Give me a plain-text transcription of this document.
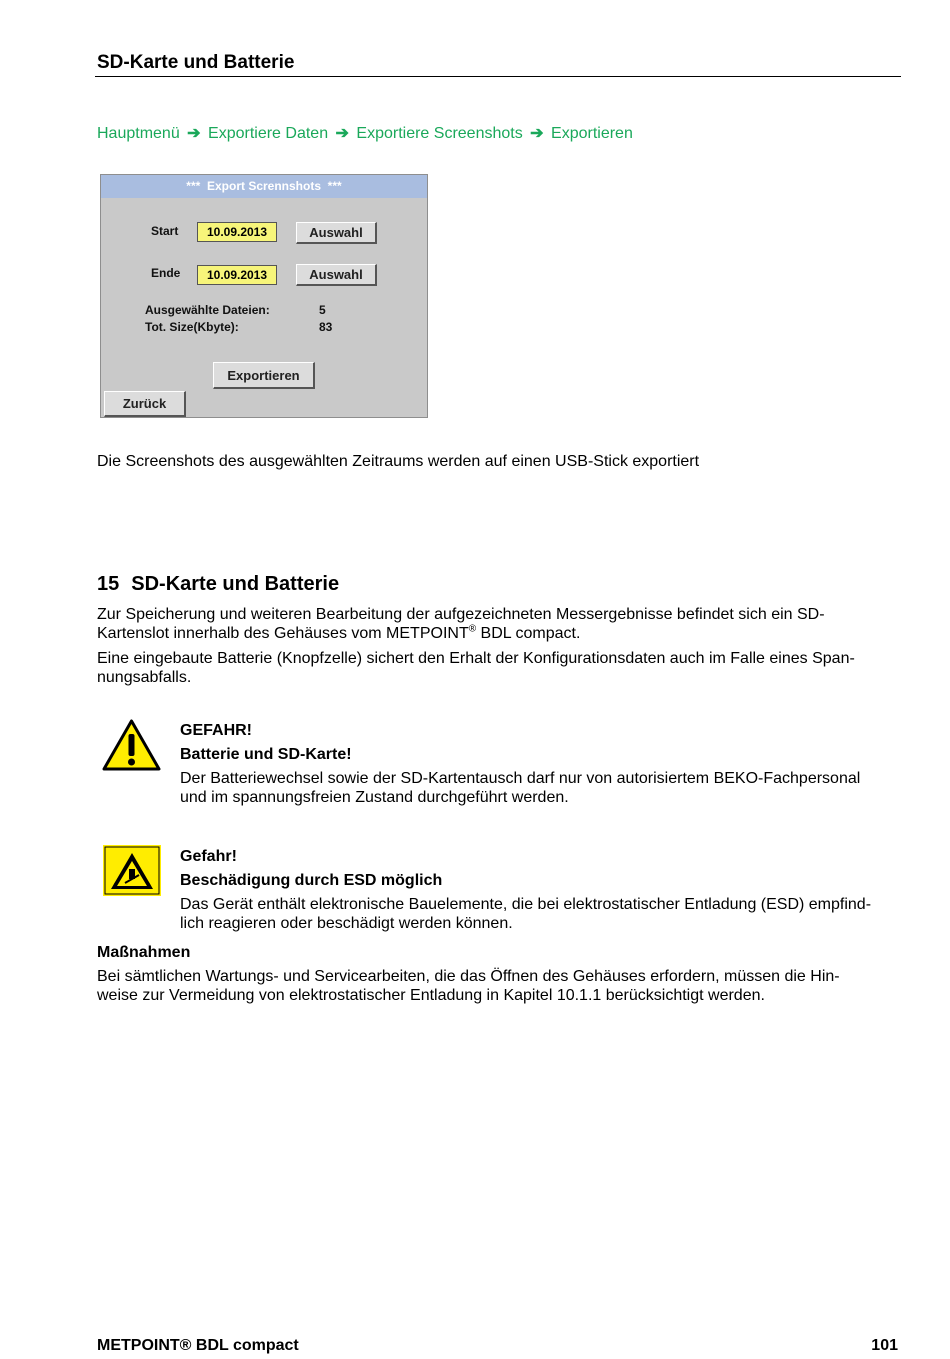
SD-Karte und Batterie
Hauptmenü ➔ Exportiere Daten ➔ Exportiere Screenshots ➔ Exportieren
***  Export Scrennshots  ***
Start	10.09.2013	Auswahl
Ende	10.09.2013	Auswahl
Ausgewählte Dateien:	5
Tot. Size(Kbyte):	83
Exportieren
Zurück
Die Screenshots des ausgewählten Zeitraums werden auf einen USB-Stick exportiert
15 SD-Karte und Batterie
Zur Speicherung und weiteren Bearbeitung der aufgezeichneten Messergebnisse befindet sich ein SD-
Kartenslot innerhalb des Gehäuses vom METPOINT® BDL compact.
Eine eingebaute Batterie (Knopfzelle) sichert den Erhalt der Konfigurationsdaten auch im Falle eines Span-
nungsabfalls.
GEFAHR!
Batterie und SD-Karte!
Der Batteriewechsel sowie der SD-Kartentausch darf nur von autorisiertem BEKO-Fachpersonal
und im spannungsfreien Zustand durchgeführt werden.
Gefahr!
Beschädigung durch ESD möglich
Das Gerät enthält elektronische Bauelemente, die bei elektrostatischer Entladung (ESD) empfind-
lich reagieren oder beschädigt werden können.
Maßnahmen
Bei sämtlichen Wartungs- und Servicearbeiten, die das Öffnen des Gehäuses erfordern, müssen die Hin-
weise zur Vermeidung von elektrostatischer Entladung in Kapitel 10.1.1 berücksichtigt werden.
METPOINT® BDL compact	101
